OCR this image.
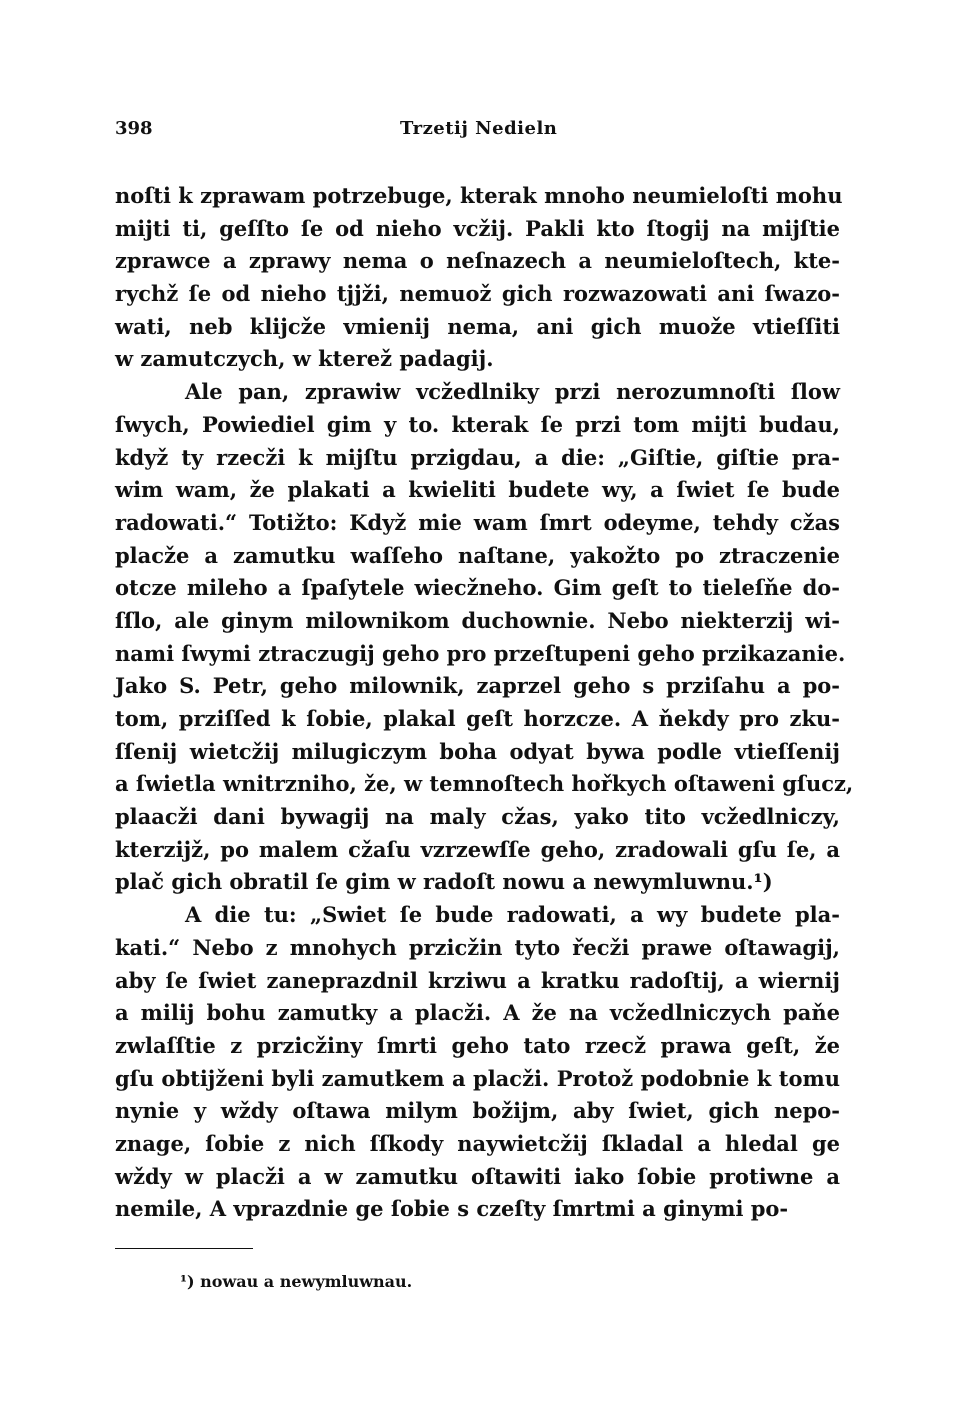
398	Trzetij Nedieln
noſti k zprawam potrzebuge, kterak mnoho neumieloſti mohu
mijti ti, geſſto ſe od nieho vcžij. Pakli kto ſtogij na mijſtie
zprawce a zprawy nema o neſnazech a neumieloſtech, kte-
rychž ſe od nieho tjjži, nemuož gich rozwazowati ani ſwazo-
wati, neb klijcže vmienij nema, ani gich muože vtieſſiti
w zamutczych, w kterež padagij.
Ale pan, zprawiw vcžedlniky przi nerozumnoſti ſlow
ſwych, Powiediel gim y to. kterak ſe przi tom mijti budau,
když ty rzecži k mijſtu przigdau, a die: „Giſtie, giſtie pra-
wim wam, že plakati a kwieliti budete wy, a ſwiet ſe bude
radowati.“ Totižto: Když mie wam ſmrt odeyme, tehdy cžas
placže a zamutku waſſeho naſtane, yakožto po ztraczenie
otcze mileho a ſpaſytele wiecžneho. Gim geſt to tieleſňe do-
ſſlo, ale ginym milownikom duchownie. Nebo niekterzij wi-
nami ſwymi ztraczugij geho pro przeſtupeni geho przikazanie.
Jako S. Petr, geho milownik, zaprzel geho s prziſahu a po-
tom, prziſſed k ſobie, plakal geſt horzcze. A ňekdy pro zku-
ſſenij wietcžij milugiczym boha odyat bywa podle vtieſſenij
a ſwietla wnitrzniho, že, w temnoſtech hořkych oſtaweni gſucz,
plaacži dani bywagij na maly cžas, yako tito vcžedlniczy,
kterzijž, po malem cžaſu vzrzewſſe geho, zradowali gſu ſe, a
plač gich obratil ſe gim w radoſt nowu a newymluwnu.¹)
A die tu: „Swiet ſe bude radowati, a wy budete pla-
kati.“ Nebo z mnohych przicžin tyto řecži prawe oſtawagij,
aby ſe ſwiet zaneprazdnil krziwu a kratku radoſtij, a wiernij
a milij bohu zamutky a placži. A že na vcžedlniczych paňe
zwlaſſtie z przicžiny ſmrti geho tato rzecž prawa geſt, že
gſu obtijženi byli zamutkem a placži. Protož podobnie k tomu
nynie y wždy oſtawa milym božijm, aby ſwiet, gich nepo-
znage, ſobie z nich ſſkody naywietcžij ſkladal a hledal ge
wždy w placži a w zamutku oſtawiti iako ſobie protiwne a
nemile, A vprazdnie ge ſobie s czeſty ſmrtmi a ginymi po-
¹) nowau a newymluwnau.
